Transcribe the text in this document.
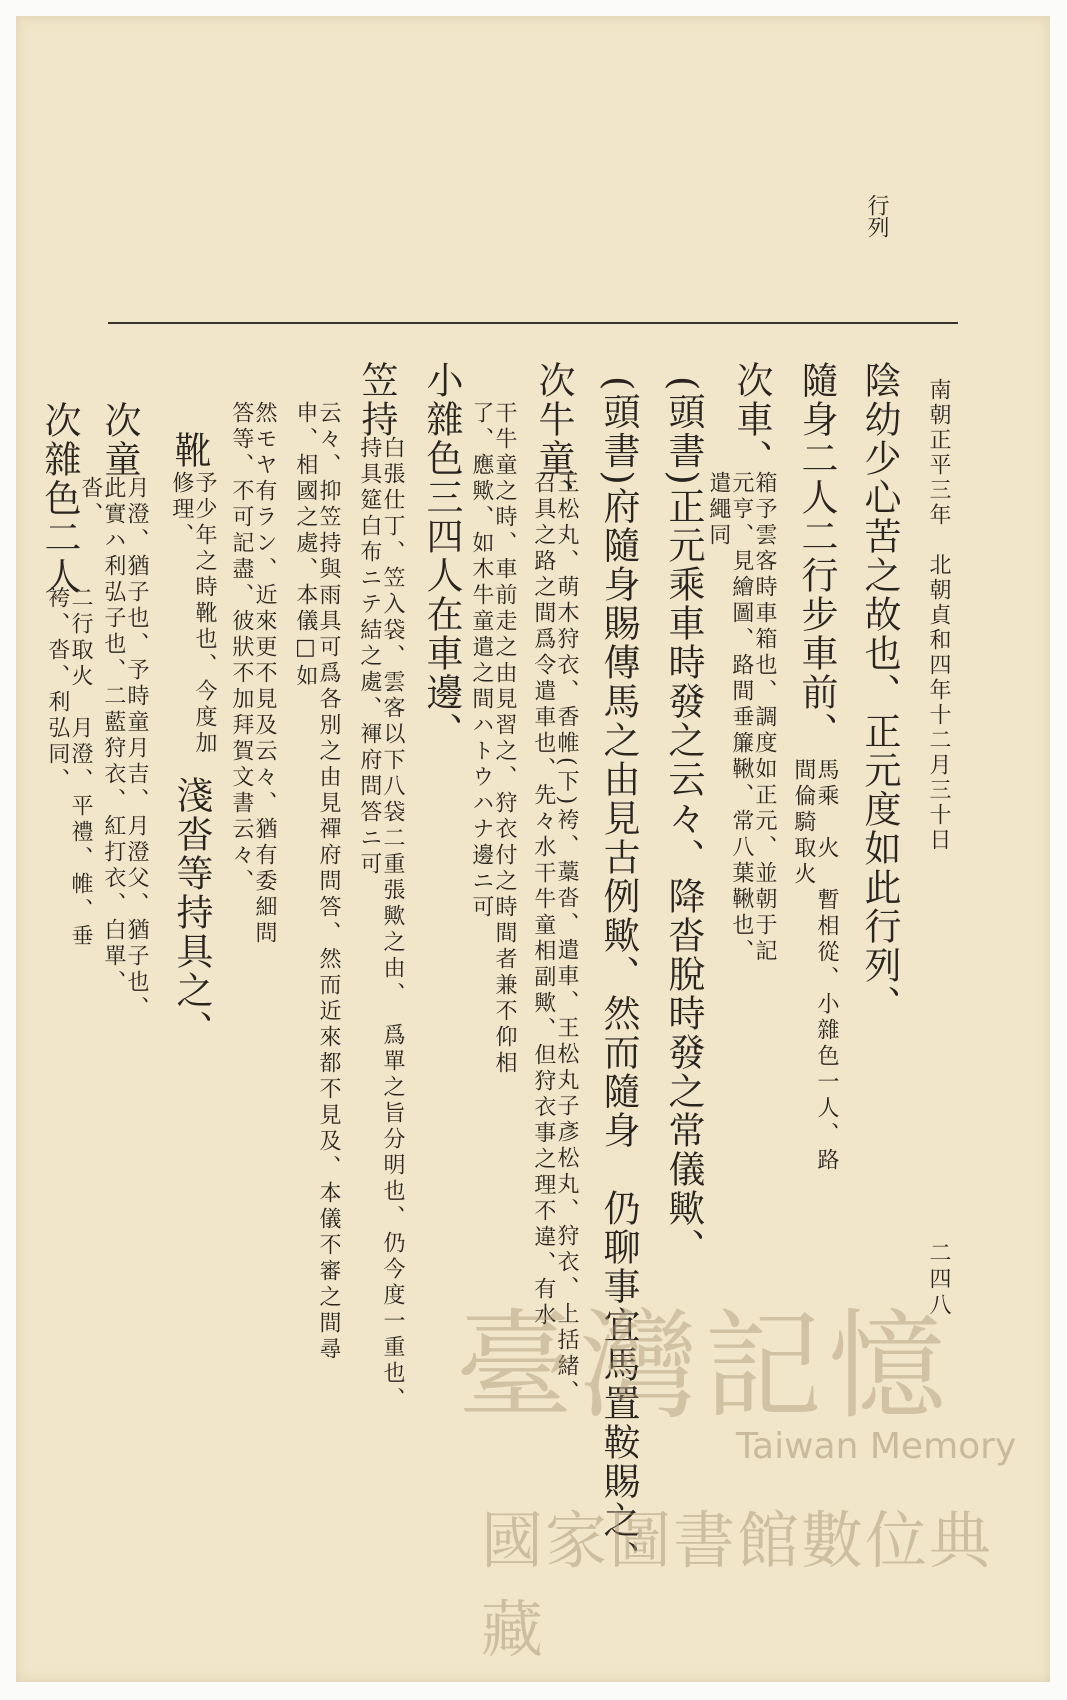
行列
南朝正平三年　北朝貞和四年十二月三十日
二四八
陰幼少心苦之故也、正元度如此行列、
隨身二人二行步車前、
馬乘　火　暫相從、小雜色一人、路間倫騎取火
次車、
箱予雲客時車箱也、調度如正元、並朝于記元亨、見繪圖、路間垂簾鞦、常八葉鞦也、遣繩同
(頭書)正元乘車時發之云々、降沓脫時發之常儀歟、
(頭書)府隨身賜傳馬之由見古例歟、然而隨身　仍聊事宜馬置鞍賜之、
次牛童、
王松丸、萌木狩衣、香帷(下)袴、藁沓、遣車、王松丸子彥松丸、狩衣、上括緒、召具之路之間爲令遣車也、先々水干牛童相副歟、但狩衣事之理不違、有水
干牛童之時、車前走之由見習之、狩衣付之時間者兼不仰相了、應歟、如木牛童遣之間ハトウハナ邊ニ可
小雜色三四人在車邊、
笠持
白張仕丁、笠入袋、雲客以下八袋二重張歟之由、　爲單之旨分明也、仍今度一重也、持具筵白布ニテ結之處、褌府問答ニ可
云々、抑笠持與雨具可爲各別之由見禪府問答、然而近來都不見及、本儀不審之間尋申、相國之處、本儀□如
然モヤ有ラン、近來更不見及云々、猶有委細問答等、不可記盡、彼狀不加拜賀文書云々、
靴
予少年之時靴也、今度加修理、
淺沓等持具之、
次童
月澄、猶子也、予時童月吉、月澄父、猶子也、此實ハ利弘子也、二藍狩衣、紅打衣、白單、沓、
次雜色二人
二行取火　月澄、平禮、帷、垂袴、沓、利弘同、
臺灣記憶
Taiwan Memory
國家圖書館數位典藏
